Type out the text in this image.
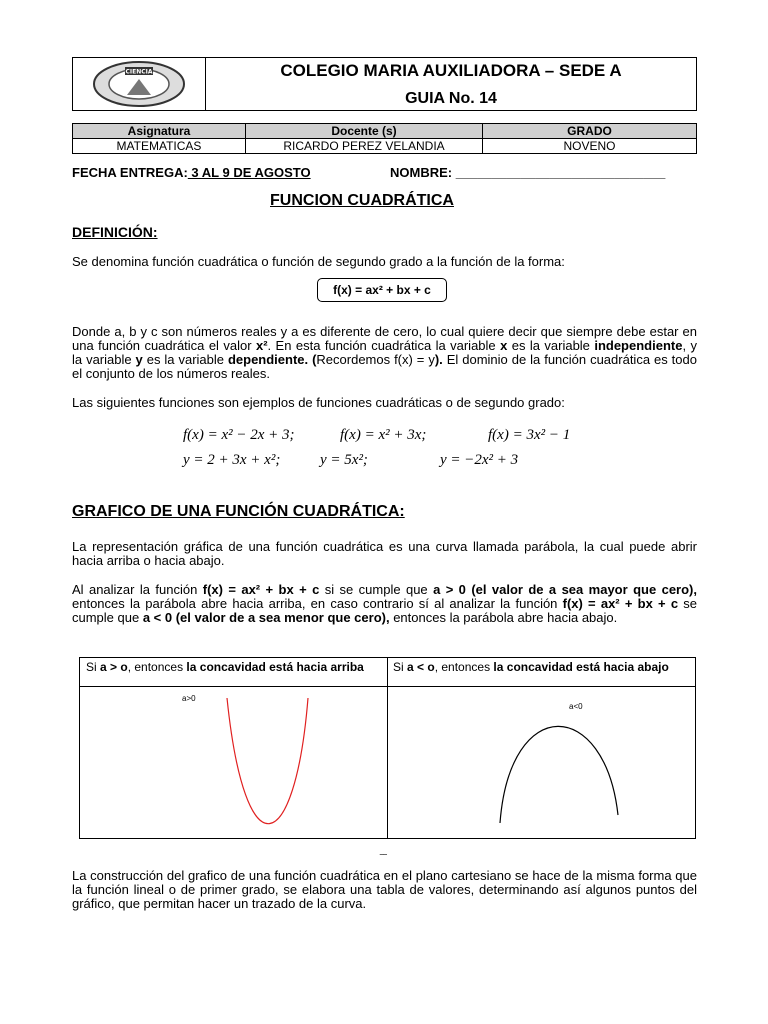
CIENCIA	COLEGIO MARIA AUXILIADORA – SEDE A
GUIA No. 14
Asignatura	Docente (s)	GRADO
MATEMATICAS	RICARDO PEREZ VELANDIA	NOVENO
FECHA ENTREGA: 3 AL 9 DE AGOSTO	NOMBRE: _____________________________
FUNCION CUADRÁTICA
DEFINICIÓN:
Se denomina función cuadrática o función de segundo grado a la función de la forma:
f(x) = ax² + bx + c
Donde a, b y c son números reales y a es diferente de cero, lo cual quiere decir que siempre debe estar en una función cuadrática el valor x². En esta función cuadrática la variable x es la variable independiente, y la variable y es la variable dependiente. (Recordemos f(x) = y). El dominio de la función cuadrática es todo el conjunto de los números reales.
Las siguientes funciones son ejemplos de funciones cuadráticas o de segundo grado:
f(x) = x² − 2x + 3;	f(x) = x² + 3x;	f(x) = 3x² − 1
y = 2 + 3x + x²;	y = 5x²;	y = −2x² + 3
GRAFICO DE UNA FUNCIÓN CUADRÁTICA:
La representación gráfica de una función cuadrática es una curva llamada parábola, la cual puede abrir hacia arriba o hacia abajo.
Al analizar la función f(x) = ax² + bx + c si se cumple que a > 0 (el valor de a sea mayor que cero), entonces la parábola abre hacia arriba, en caso contrario sí al analizar la función f(x) = ax² + bx + c se cumple que a < 0 (el valor de a sea menor que cero), entonces la parábola abre hacia abajo.
Si a > o, entonces la concavidad está hacia arriba Si a < o, entonces la concavidad está hacia abajo
a>0
a<0
‾‾
La construcción del grafico de una función cuadrática en el plano cartesiano se hace de la misma forma que la función lineal o de primer grado, se elabora una tabla de valores, determinando así algunos puntos del gráfico, que permitan hacer un trazado de la curva.
